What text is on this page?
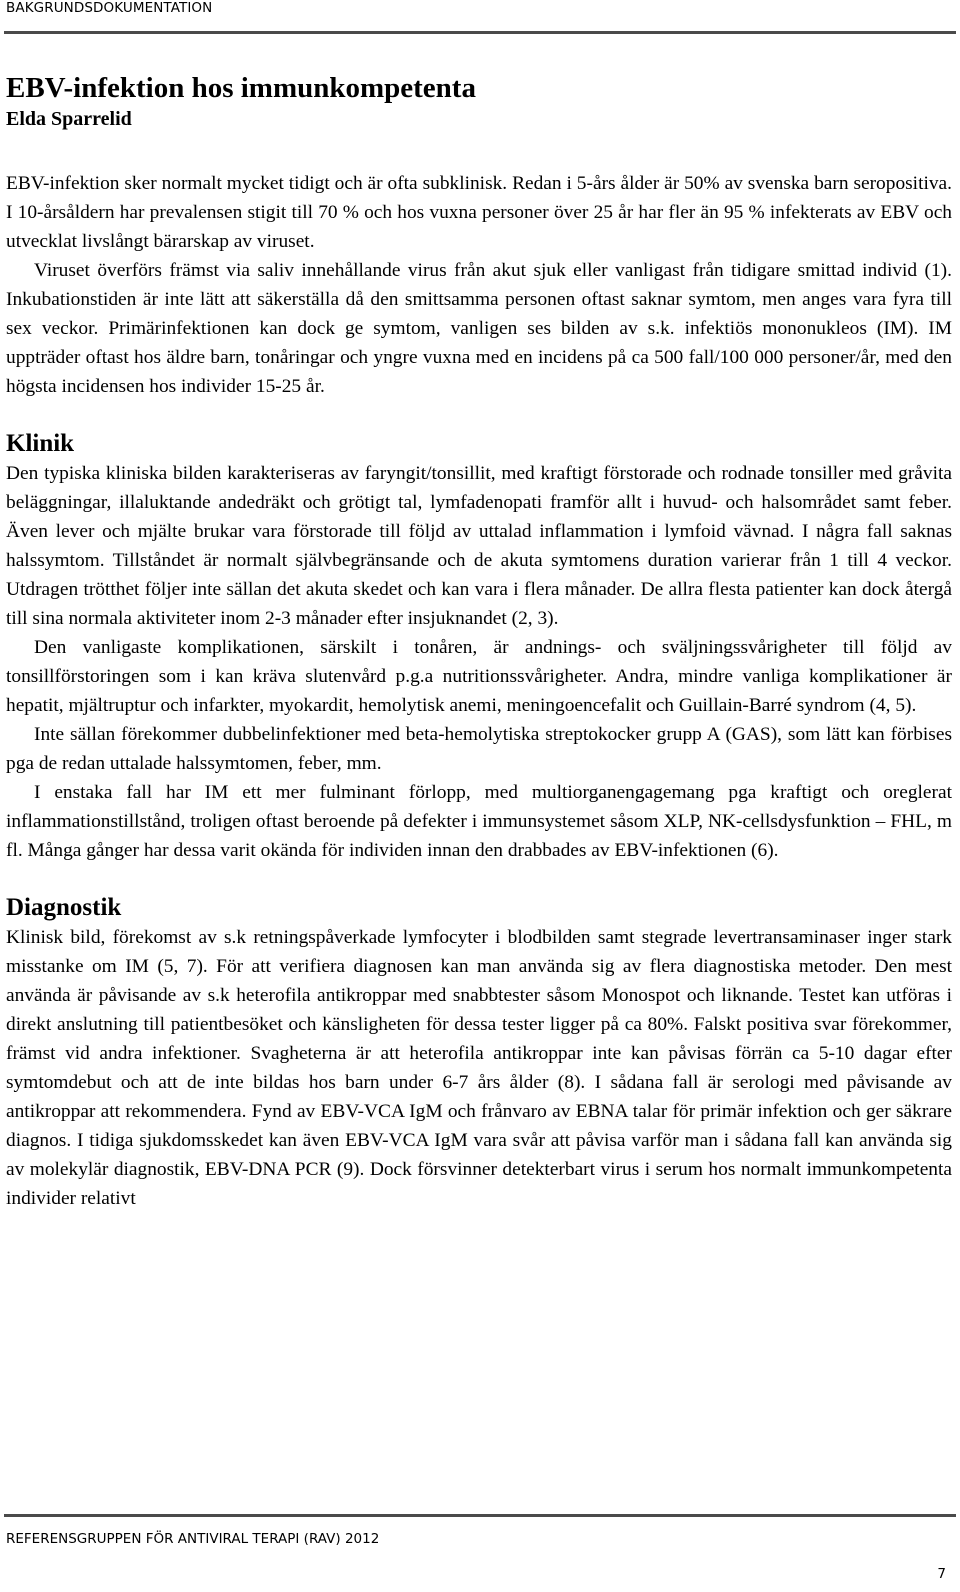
BAKGRUNDSDOKUMENTATION
EBV-infektion hos immunkompetenta
Elda Sparrelid

EBV-infektion sker normalt mycket tidigt och är ofta subklinisk. Redan i 5-års ålder är 50% av svenska barn seropositiva. I 10-årsåldern har prevalensen stigit till 70 % och hos vuxna personer över 25 år har fler än 95 % infekterats av EBV och utvecklat livslångt bärarskap av viruset.

Viruset överförs främst via saliv innehållande virus från akut sjuk eller vanligast från tidigare smittad individ (1). Inkubationstiden är inte lätt att säkerställa då den smittsamma personen oftast saknar symtom, men anges vara fyra till sex veckor. Primärinfektionen kan dock ge symtom, vanligen ses bilden av s.k. infektiös mononukleos (IM). IM uppträder oftast hos äldre barn, tonåringar och yngre vuxna med en incidens på ca 500 fall/100 000 personer/år, med den högsta incidensen hos individer 15-25 år.

Klinik

Den typiska kliniska bilden karakteriseras av faryngit/tonsillit, med kraftigt förstorade och rodnade tonsiller med gråvita beläggningar, illaluktande andedräkt och grötigt tal, lymfadenopati framför allt i huvud- och halsområdet samt feber. Även lever och mjälte brukar vara förstorade till följd av uttalad inflammation i lymfoid vävnad. I några fall saknas halssymtom. Tillståndet är normalt självbegränsande och de akuta symtomens duration varierar från 1 till 4 veckor. Utdragen trötthet följer inte sällan det akuta skedet och kan vara i flera månader. De allra flesta patienter kan dock återgå till sina normala aktiviteter inom 2-3 månader efter insjuknandet (2, 3).

Den vanligaste komplikationen, särskilt i tonåren, är andnings- och sväljningssvårigheter till följd av tonsillförstoringen som i kan kräva slutenvård p.g.a nutritionssvårigheter. Andra, mindre vanliga komplikationer är hepatit, mjältruptur och infarkter, myokardit, hemolytisk anemi, meningoencefalit och Guillain-Barré syndrom (4, 5).

Inte sällan förekommer dubbelinfektioner med beta-hemolytiska streptokocker grupp A (GAS), som lätt kan förbises pga de redan uttalade halssymtomen, feber, mm.

I enstaka fall har IM ett mer fulminant förlopp, med multiorganengagemang pga kraftigt och oreglerat inflammationstillstånd, troligen oftast beroende på defekter i immunsystemet såsom XLP, NK-cellsdysfunktion – FHL, m fl. Många gånger har dessa varit okända för individen innan den drabbades av EBV-infektionen (6).

Diagnostik

Klinisk bild, förekomst av s.k retningspåverkade lymfocyter i blodbilden samt stegrade levertransaminaser inger stark misstanke om IM (5, 7). För att verifiera diagnosen kan man använda sig av flera diagnostiska metoder. Den mest använda är påvisande av s.k heterofila antikroppar med snabbtester såsom Monospot och liknande. Testet kan utföras i direkt anslutning till patientbesöket och känsligheten för dessa tester ligger på ca 80%. Falskt positiva svar förekommer, främst vid andra infektioner. Svagheterna är att heterofila antikroppar inte kan påvisas förrän ca 5-10 dagar efter symtomdebut och att de inte bildas hos barn under 6-7 års ålder (8). I sådana fall är serologi med påvisande av antikroppar att rekommendera. Fynd av EBV-VCA IgM och frånvaro av EBNA talar för primär infektion och ger säkrare diagnos. I tidiga sjukdomsskedet kan även EBV-VCA IgM vara svår att påvisa varför man i sådana fall kan använda sig av molekylär diagnostik, EBV-DNA PCR (9). Dock försvinner detekterbart virus i serum hos normalt immunkompetenta individer relativt

REFERENSGRUPPEN FÖR ANTIVIRAL TERAPI (RAV) 2012
7
